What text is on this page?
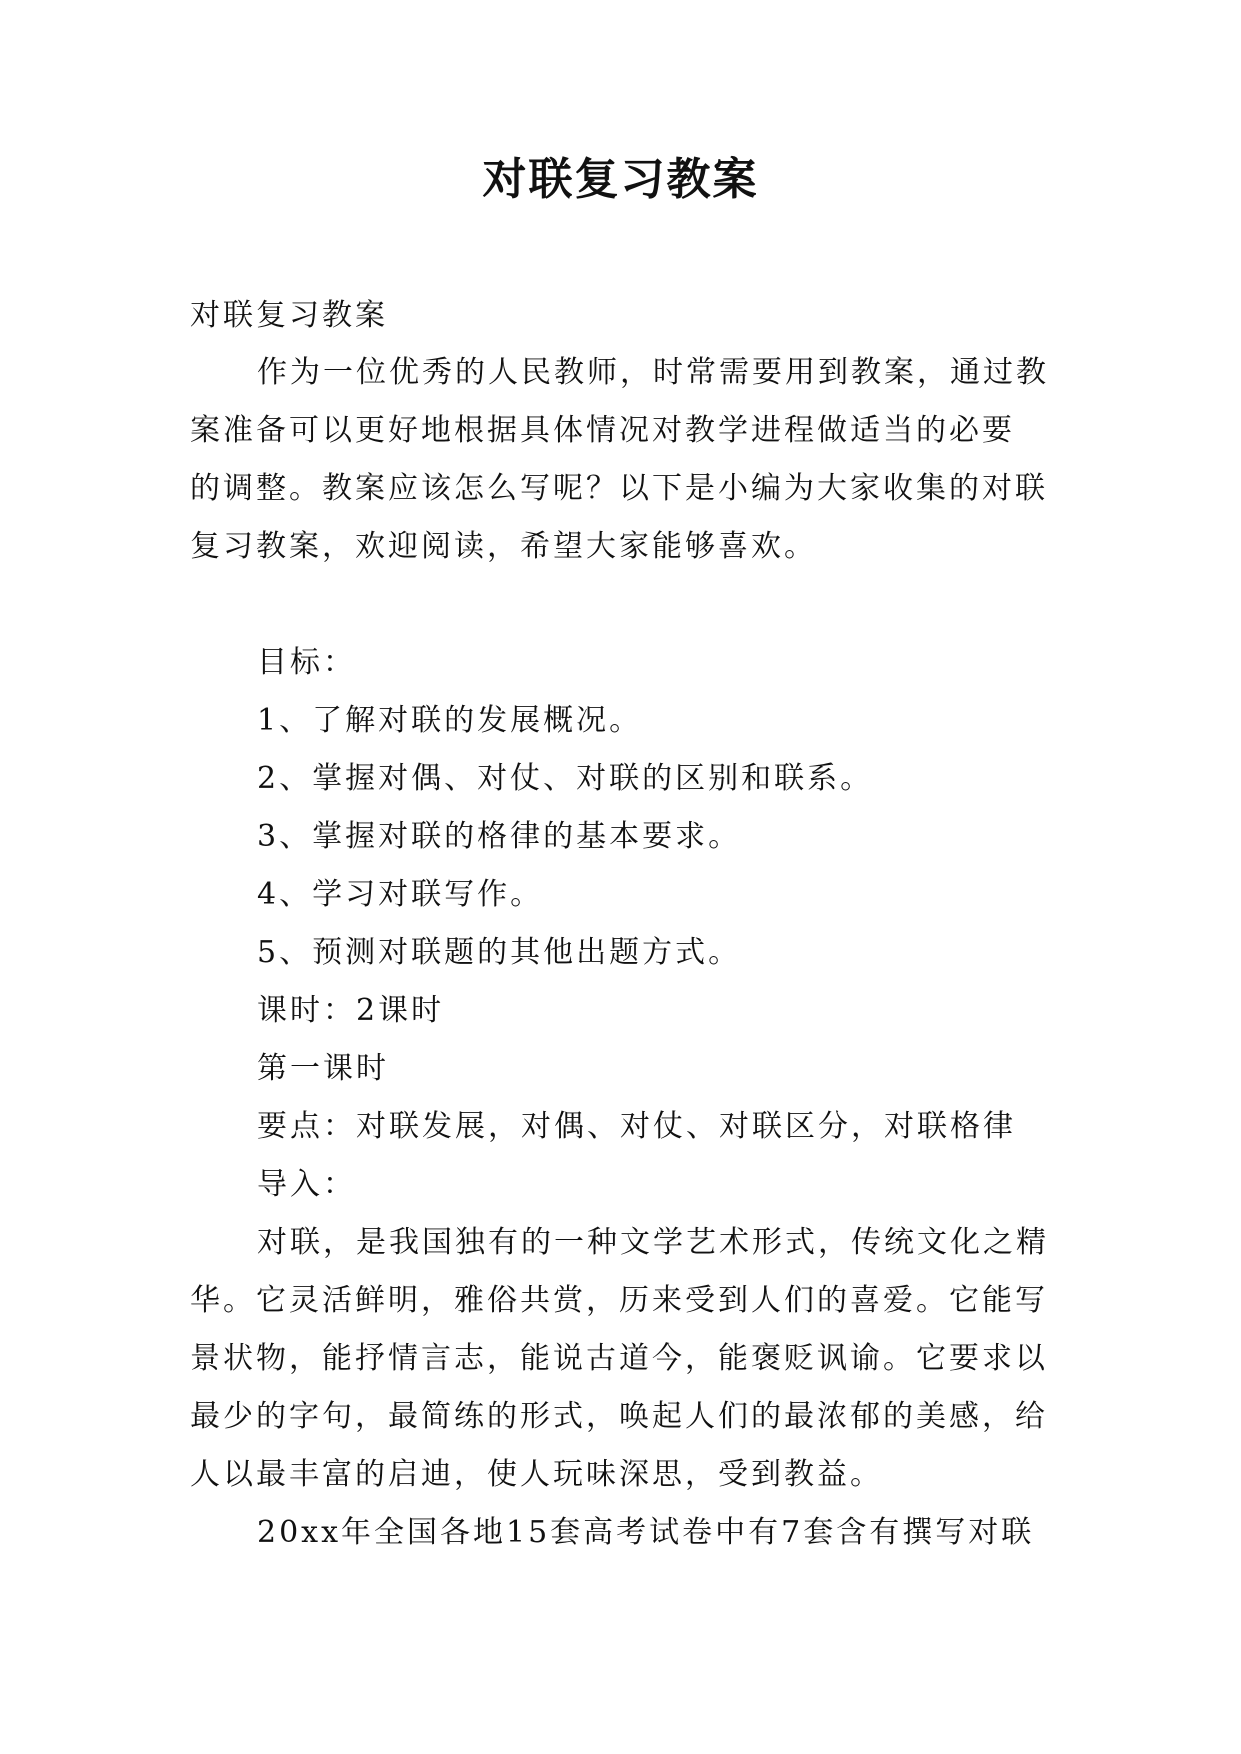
对联复习教案
对联复习教案
作为一位优秀的人民教师，时常需要用到教案，通过教
案准备可以更好地根据具体情况对教学进程做适当的必要
的调整。教案应该怎么写呢？以下是小编为大家收集的对联
复习教案，欢迎阅读，希望大家能够喜欢。
目标：
1、了解对联的发展概况。
2、掌握对偶、对仗、对联的区别和联系。
3、掌握对联的格律的基本要求。
4、学习对联写作。
5、预测对联题的其他出题方式。
课时：2课时
第一课时
要点：对联发展，对偶、对仗、对联区分，对联格律
导入：
对联，是我国独有的一种文学艺术形式，传统文化之精
华。它灵活鲜明，雅俗共赏，历来受到人们的喜爱。它能写
景状物，能抒情言志，能说古道今，能褒贬讽谕。它要求以
最少的字句，最简练的形式，唤起人们的最浓郁的美感，给
人以最丰富的启迪，使人玩味深思，受到教益。
20xx年全国各地15套高考试卷中有7套含有撰写对联
